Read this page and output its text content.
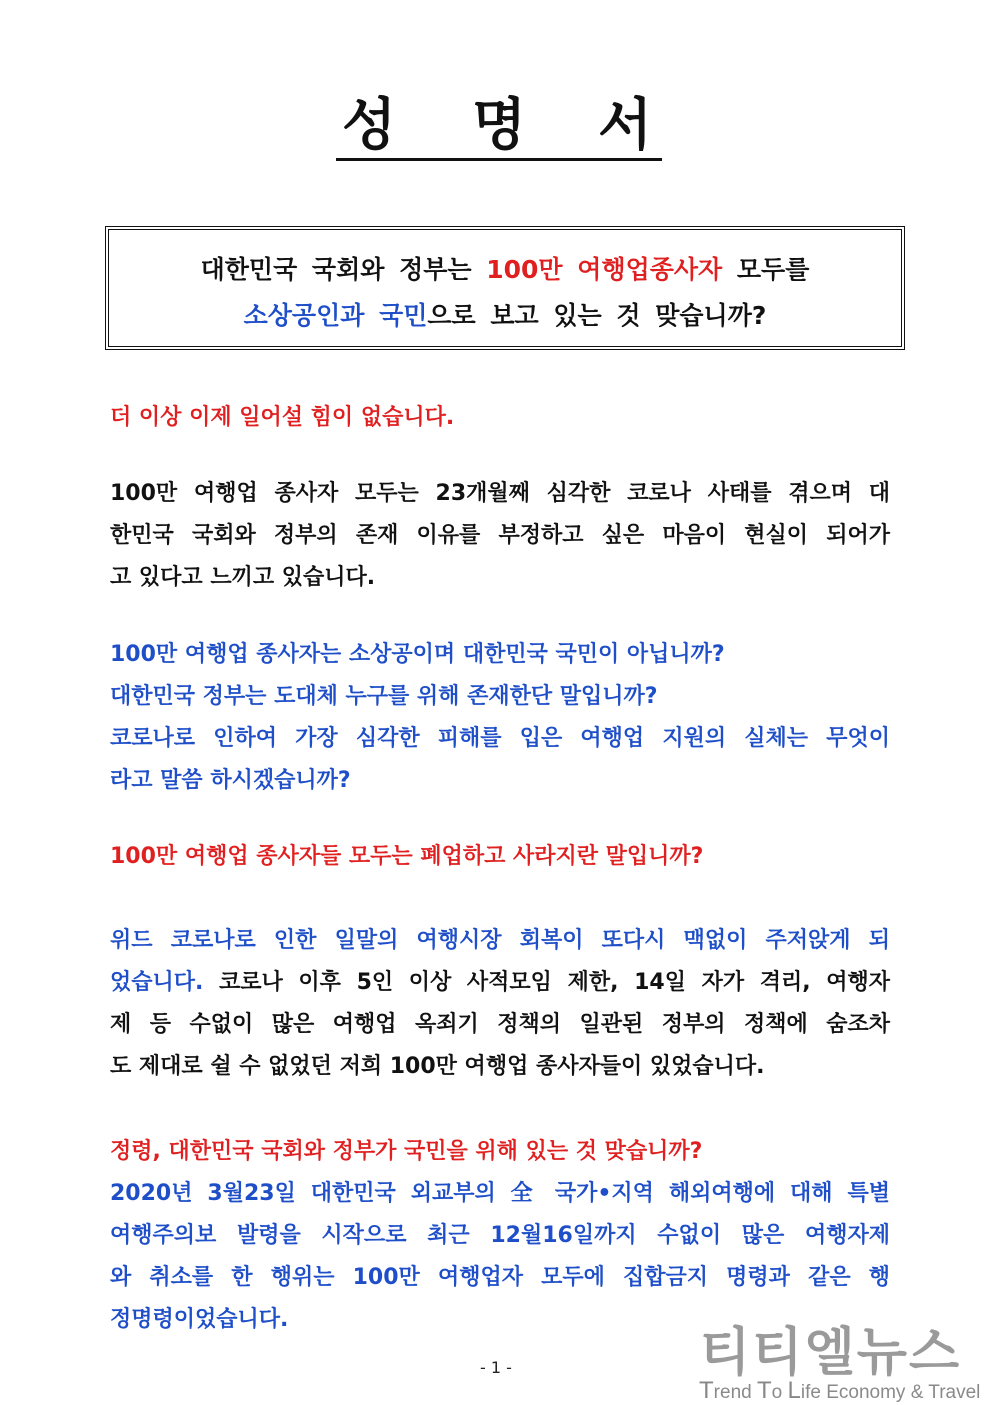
성 명 서

대한민국 국회와 정부는 100만 여행업종사자 모두를

소상공인과 국민으로 보고 있는 것 맞습니까?

더 이상 이제 일어설 힘이 없습니다.

100만 여행업 종사자 모두는 23개월째 심각한 코로나 사태를 겪으며 대
한민국 국회와 정부의 존재 이유를 부정하고 싶은 마음이 현실이 되어가
고 있다고 느끼고 있습니다.

100만 여행업 종사자는 소상공이며 대한민국 국민이 아닙니까?
대한민국 정부는 도대체 누구를 위해 존재한단 말입니까?
코로나로 인하여 가장 심각한 피해를 입은 여행업 지원의 실체는 무엇이
라고 말씀 하시겠습니까?

100만 여행업 종사자들 모두는 폐업하고 사라지란 말입니까?

위드 코로나로 인한 일말의 여행시장 회복이 또다시 맥없이 주저앉게 되
었습니다. 코로나 이후 5인 이상 사적모임 제한, 14일 자가 격리, 여행자
제 등 수없이 많은 여행업 옥죄기 정책의 일관된 정부의 정책에 숨조차
도 제대로 쉴 수 없었던 저희 100만 여행업 종사자들이 있었습니다.

정령, 대한민국 국회와 정부가 국민을 위해 있는 것 맞습니까?
2020년 3월23일 대한민국 외교부의 全 국가•지역 해외여행에 대해 특별
여행주의보 발령을 시작으로 최근 12월16일까지 수없이 많은 여행자제
와 취소를 한 행위는 100만 여행업자 모두에 집합금지 명령과 같은 행
정명령이었습니다.

- 1 -	티티엘뉴스
Trend To Life Economy & Travel
